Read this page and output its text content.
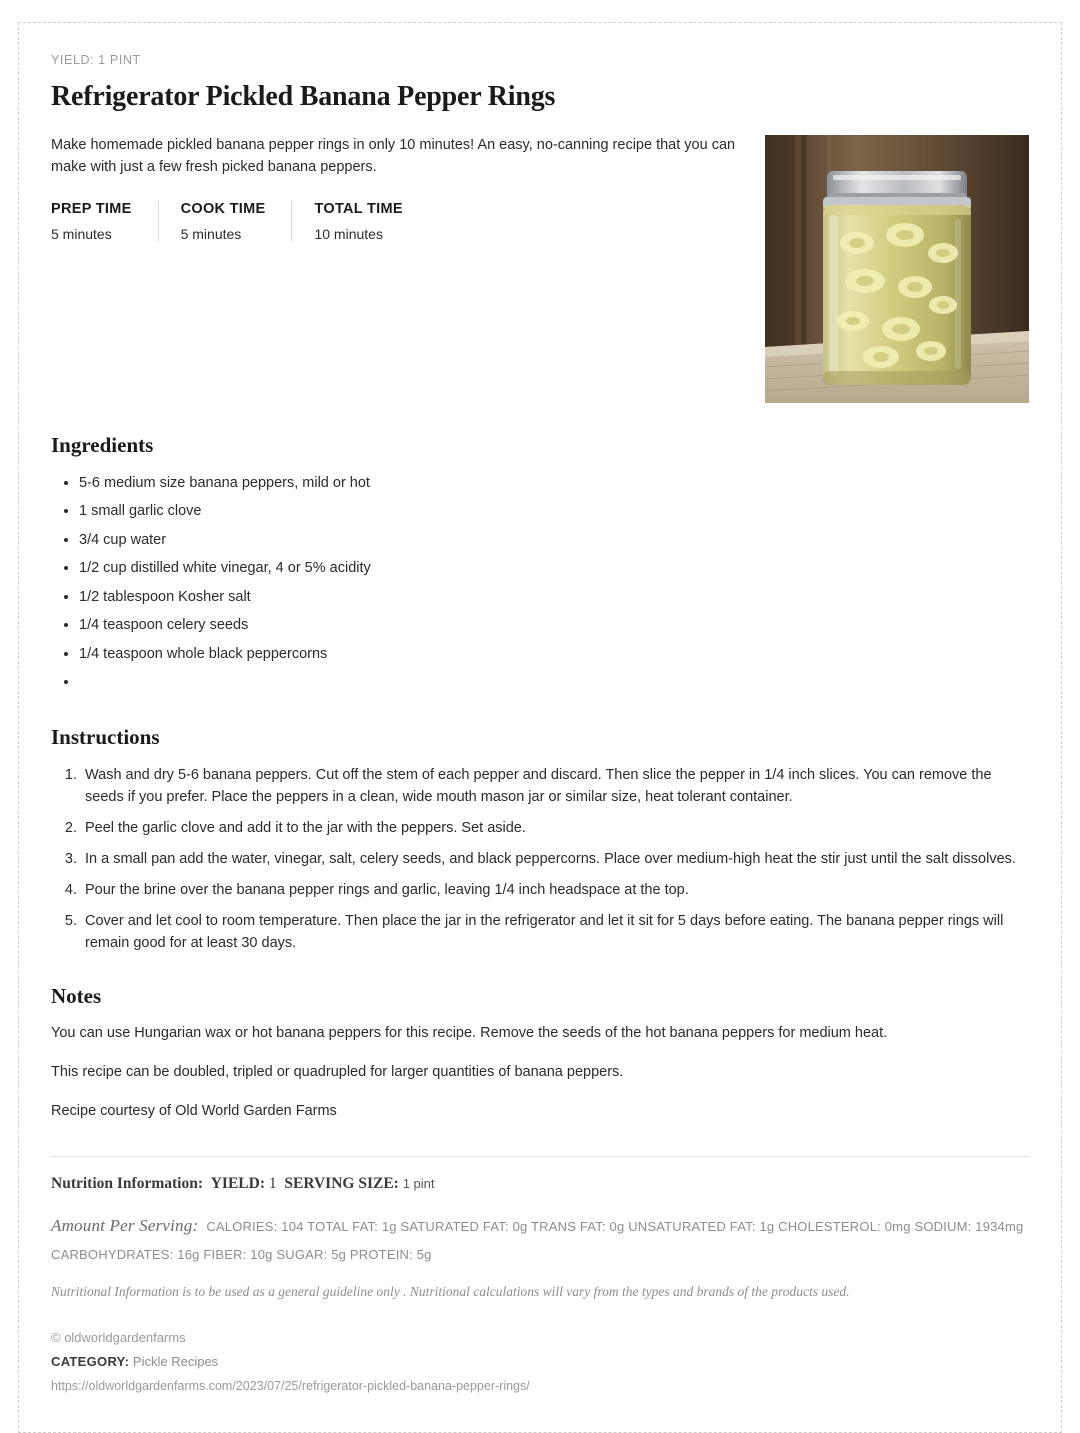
YIELD: 1 PINT
Refrigerator Pickled Banana Pepper Rings

Make homemade pickled banana pepper rings in only 10 minutes! An easy, no-canning recipe that you can make with just a few fresh picked banana peppers.

PREP TIME
5 minutes
COOK TIME
5 minutes
TOTAL TIME
10 minutes
Ingredients
• 5-6 medium size banana peppers, mild or hot
• 1 small garlic clove
• 3/4 cup water
• 1/2 cup distilled white vinegar, 4 or 5% acidity
• 1/2 tablespoon Kosher salt
• 1/4 teaspoon celery seeds
• 1/4 teaspoon whole black peppercorns
•
Instructions
1. Wash and dry 5-6 banana peppers. Cut off the stem of each pepper and discard. Then slice the pepper in 1/4 inch slices. You can remove the seeds if you prefer. Place the peppers in a clean, wide mouth mason jar or similar size, heat tolerant container.
2. Peel the garlic clove and add it to the jar with the peppers. Set aside.
3. In a small pan add the water, vinegar, salt, celery seeds, and black peppercorns. Place over medium-high heat the stir just until the salt dissolves.
4. Pour the brine over the banana pepper rings and garlic, leaving 1/4 inch headspace at the top.
5. Cover and let cool to room temperature. Then place the jar in the refrigerator and let it sit for 5 days before eating. The banana pepper rings will remain good for at least 30 days.
Notes

You can use Hungarian wax or hot banana peppers for this recipe. Remove the seeds of the hot banana peppers for medium heat.

This recipe can be doubled, tripled or quadrupled for larger quantities of banana peppers.

Recipe courtesy of Old World Garden Farms

Nutrition Information: YIELD: 1 SERVING SIZE: 1 pint
Amount Per Serving: CALORIES: 104 TOTAL FAT: 1g SATURATED FAT: 0g TRANS FAT: 0g UNSATURATED FAT: 1g CHOLESTEROL: 0mg SODIUM: 1934mg
CARBOHYDRATES: 16g FIBER: 10g SUGAR: 5g PROTEIN: 5g
Nutritional Information is to be used as a general guideline only . Nutritional calculations will vary from the types and brands of the products used.
© oldworldgardenfarms
CATEGORY: Pickle Recipes
https://oldworldgardenfarms.com/2023/07/25/refrigerator-pickled-banana-pepper-rings/
